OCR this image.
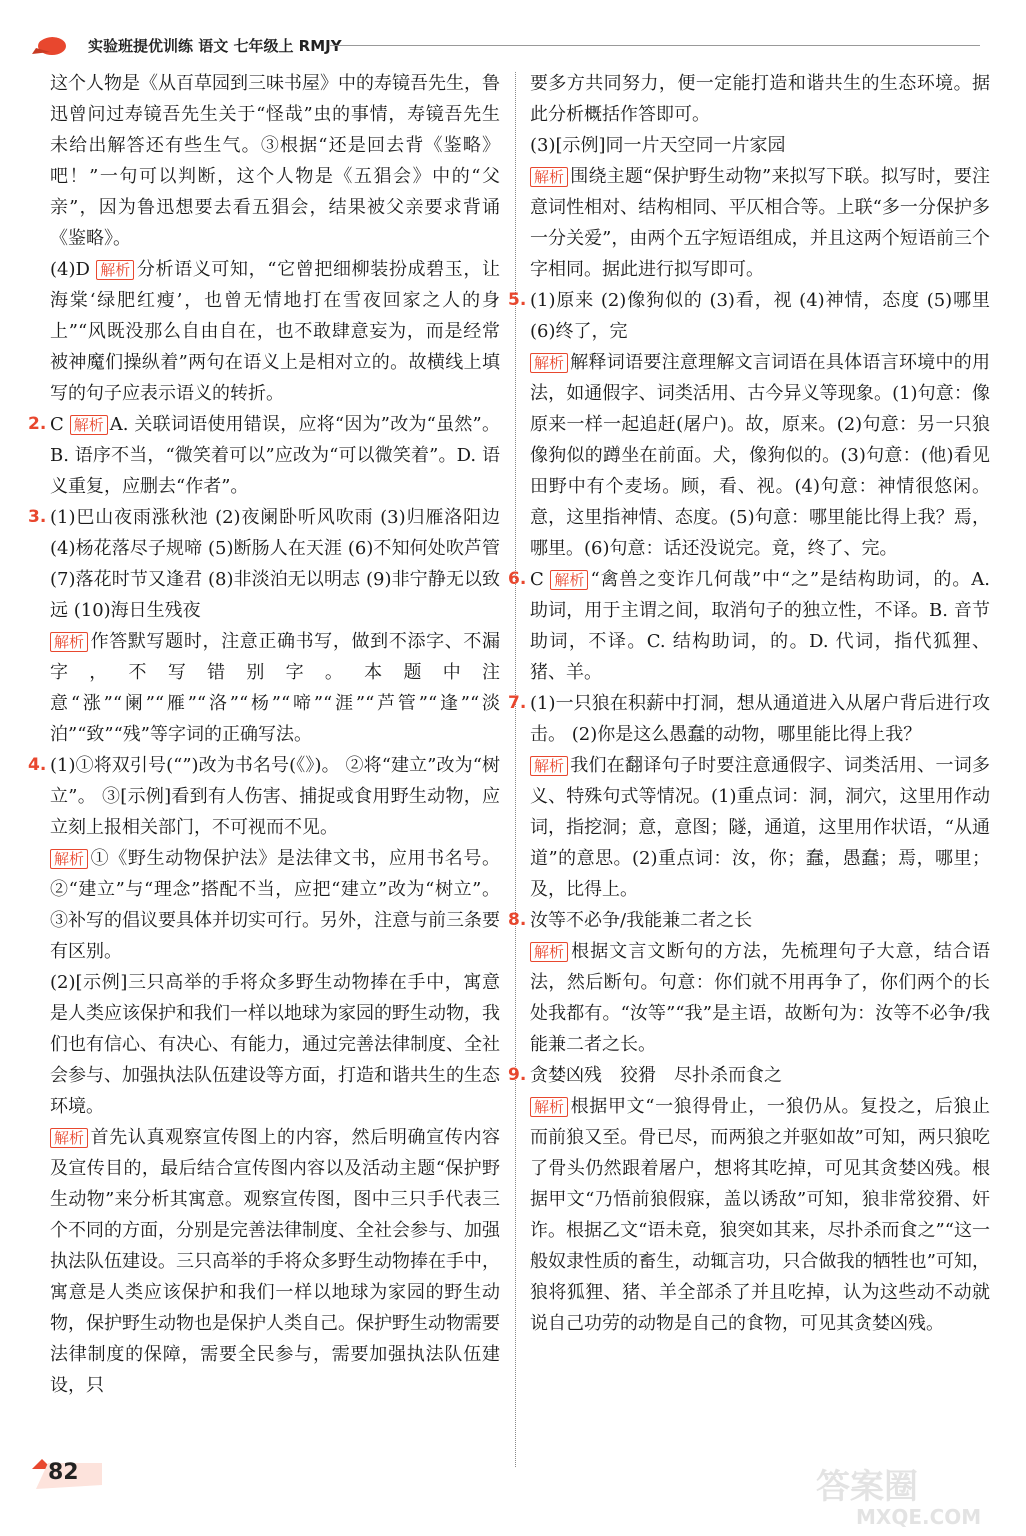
实验班提优训练 语文 七年级上 RMJY

这个人物是《从百草园到三味书屋》中的寿镜吾先生，鲁迅曾问过寿镜吾先生关于“怪哉”虫的事情，寿镜吾先生未给出解答还有些生气。③根据“还是回去背《鉴略》吧！”一句可以判断，这个人物是《五猖会》中的“父亲”，因为鲁迅想要去看五猖会，结果被父亲要求背诵《鉴略》。

(4)D 解析 分析语义可知，“它曾把细柳装扮成碧玉，让海棠‘绿肥红瘦’，也曾无情地打在雪夜回家之人的身上”“风既没那么自由自在，也不敢肆意妄为，而是经常被神魔们操纵着”两句在语义上是相对立的。故横线上填写的句子应表示语义的转折。

2. C 解析 A. 关联词语使用错误，应将“因为”改为“虽然”。B. 语序不当，“微笑着可以”应改为“可以微笑着”。D. 语义重复，应删去“作者”。

3. (1)巴山夜雨涨秋池 (2)夜阑卧听风吹雨 (3)归雁洛阳边 (4)杨花落尽子规啼 (5)断肠人在天涯 (6)不知何处吹芦管 (7)落花时节又逢君 (8)非淡泊无以明志 (9)非宁静无以致远 (10)海日生残夜

解析 作答默写题时，注意正确书写，做到不添字、不漏字，不写错别字。本题中注意“涨”“阑”“雁”“洛”“杨”“啼”“涯”“芦管”“逢”“淡泊”“致”“残”等字词的正确写法。

4. (1)①将双引号(“”)改为书名号(《》)。 ②将“建立”改为“树立”。 ③[示例]看到有人伤害、捕捉或食用野生动物，应立刻上报相关部门，不可视而不见。

解析 ①《野生动物保护法》是法律文书，应用书名号。②“建立”与“理念”搭配不当，应把“建立”改为“树立”。③补写的倡议要具体并切实可行。另外，注意与前三条要有区别。

(2)[示例]三只高举的手将众多野生动物捧在手中，寓意是人类应该保护和我们一样以地球为家园的野生动物，我们也有信心、有决心、有能力，通过完善法律制度、全社会参与、加强执法队伍建设等方面，打造和谐共生的生态环境。

解析 首先认真观察宣传图上的内容，然后明确宣传内容及宣传目的，最后结合宣传图内容以及活动主题“保护野生动物”来分析其寓意。观察宣传图，图中三只手代表三个不同的方面，分别是完善法律制度、全社会参与、加强执法队伍建设。三只高举的手将众多野生动物捧在手中，寓意是人类应该保护和我们一样以地球为家园的野生动物，保护野生动物也是保护人类自己。保护野生动物需要法律制度的保障，需要全民参与，需要加强执法队伍建设，只

要多方共同努力，便一定能打造和谐共生的生态环境。据此分析概括作答即可。

(3)[示例]同一片天空同一片家园

解析 围绕主题“保护野生动物”来拟写下联。拟写时，要注意词性相对、结构相同、平仄相合等。上联“多一分保护多一分关爱”，由两个五字短语组成，并且这两个短语前三个字相同。据此进行拟写即可。

5. (1)原来 (2)像狗似的 (3)看，视 (4)神情，态度 (5)哪里 (6)终了，完

解析 解释词语要注意理解文言词语在具体语言环境中的用法，如通假字、词类活用、古今异义等现象。(1)句意：像原来一样一起追赶(屠户)。故，原来。(2)句意：另一只狼像狗似的蹲坐在前面。犬，像狗似的。(3)句意：(他)看见田野中有个麦场。顾，看、视。(4)句意：神情很悠闲。意，这里指神情、态度。(5)句意：哪里能比得上我？焉，哪里。(6)句意：话还没说完。竟，终了、完。

6. C 解析 “禽兽之变诈几何哉”中“之”是结构助词，的。A. 助词，用于主谓之间，取消句子的独立性，不译。B. 音节助词，不译。C. 结构助词，的。D. 代词，指代狐狸、猪、羊。

7. (1)一只狼在积薪中打洞，想从通道进入从屠户背后进行攻击。 (2)你是这么愚蠢的动物，哪里能比得上我？

解析 我们在翻译句子时要注意通假字、词类活用、一词多义、特殊句式等情况。(1)重点词：洞，洞穴，这里用作动词，指挖洞；意，意图；隧，通道，这里用作状语，“从通道”的意思。(2)重点词：汝，你；蠢，愚蠢；焉，哪里；及，比得上。

8. 汝等不必争/我能兼二者之长

解析 根据文言文断句的方法，先梳理句子大意，结合语法，然后断句。句意：你们就不用再争了，你们两个的长处我都有。“汝等”“我”是主语，故断句为：汝等不必争/我能兼二者之长。

9. 贪婪凶残　狡猾　尽扑杀而食之

解析 根据甲文“一狼得骨止，一狼仍从。复投之，后狼止而前狼又至。骨已尽，而两狼之并驱如故”可知，两只狼吃了骨头仍然跟着屠户，想将其吃掉，可见其贪婪凶残。根据甲文“乃悟前狼假寐，盖以诱敌”可知，狼非常狡猾、奸诈。根据乙文“语未竟，狼突如其来，尽扑杀而食之”“这一般奴隶性质的畜生，动辄言功，只合做我的牺牲也”可知，狼将狐狸、猪、羊全部杀了并且吃掉，认为这些动不动就说自己功劳的动物是自己的食物，可见其贪婪凶残。

82	答案圈
MXQE.COM
